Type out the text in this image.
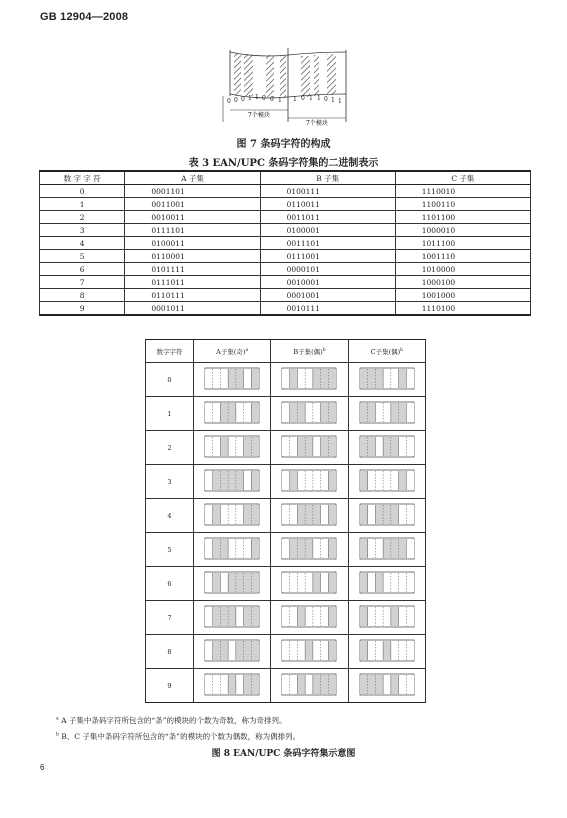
GB 12904—2008
0 0 0 1 1 0 0 1 1 0 1 1 0 1 1
7个模块
7个模块
图 7 条码字符的构成
表 3 EAN/UPC 条码字符集的二进制表示
数 字 字 符	A 子集	B 子集	C 子集
0	0001101	0100111	1110010
1	0011001	0110011	1100110
2	0010011	0011011	1101100
3	0111101	0100001	1000010
4	0100011	0011101	1011100
5	0110001	0111001	1001110
6	0101111	0000101	1010000
7	0111011	0010001	1000100
8	0110111	0001001	1001000
9	0001011	0010111	1110100
数字字符	A子集(奇)$^a$	B子集(偶)$^b$	C子集(偶)$^b$
0			
1			
2			
3			
4			
5			
6			
7			
8			
9			
$^a$ A 子集中条码字符所包含的“条”的模块的个数为奇数，称为奇排列。
$^b$ B、C 子集中条码字符所包含的“条”的模块的个数为偶数，称为偶排列。
图 8 EAN/UPC 条码字符集示意图
6
